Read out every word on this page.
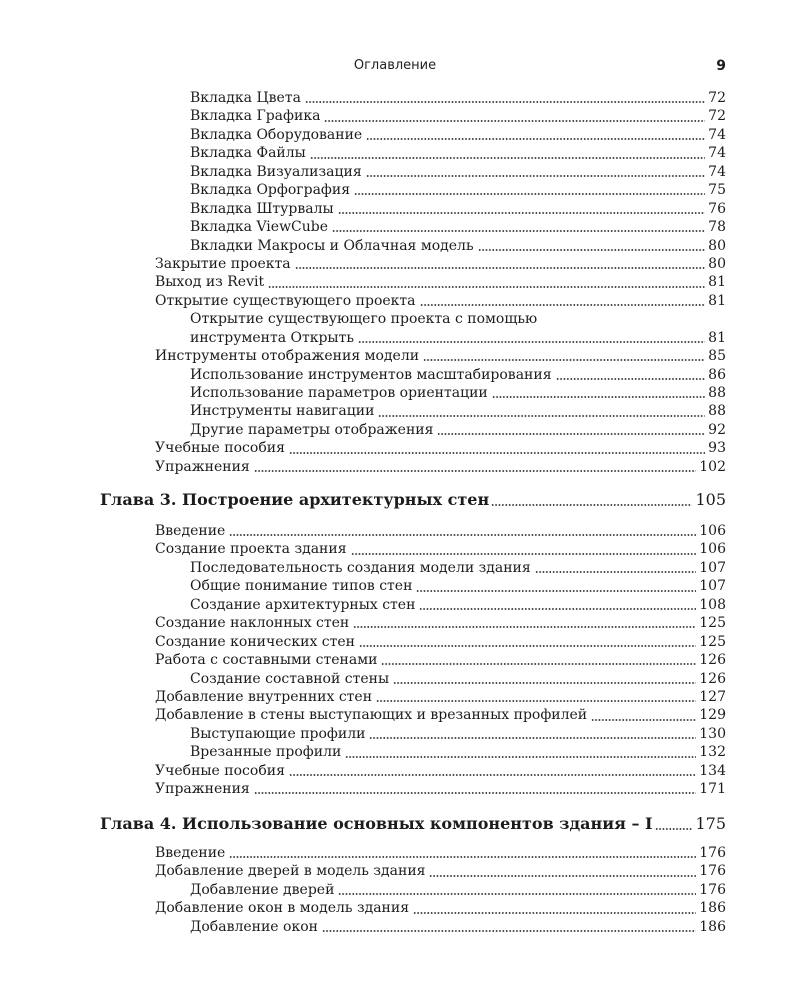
Оглавление	9
Вкладка Цвета	72
Вкладка Графика	72
Вкладка Оборудование	74
Вкладка Файлы	74
Вкладка Визуализация	74
Вкладка Орфография	75
Вкладка Штурвалы	76
Вкладка ViewCube	78
Вкладки Макросы и Облачная модель	80
Закрытие проекта	80
Выход из Revit	81
Открытие существующего проекта	81
Открытие существующего проекта с помощью
инструмента Открыть	81
Инструменты отображения модели	85
Использование инструментов масштабирования	86
Использование параметров ориентации	88
Инструменты навигации	88
Другие параметры отображения	92
Учебные пособия	93
Упражнения	102
Глава 3. Построение архитектурных стен	105
Введение	106
Создание проекта здания	106
Последовательность создания модели здания	107
Общие понимание типов стен	107
Создание архитектурных стен	108
Создание наклонных стен	125
Создание конических стен	125
Работа с составными стенами	126
Создание составной стены	126
Добавление внутренних стен	127
Добавление в стены выступающих и врезанных профилей	129
Выступающие профили	130
Врезанные профили	132
Учебные пособия	134
Упражнения	171
Глава 4. Использование основных компонентов здания – I	175
Введение	176
Добавление дверей в модель здания	176
Добавление дверей	176
Добавление окон в модель здания	186
Добавление окон	186
